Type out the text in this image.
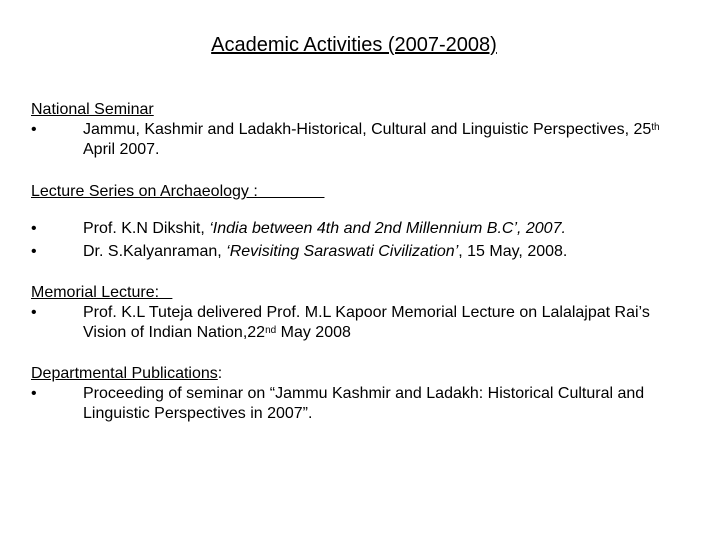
Academic Activities (2007-2008)
National Seminar
•	Jammu, Kashmir and Ladakh-Historical, Cultural and Linguistic Perspectives, 25th April 2007.
Lecture Series on Archaeology :
•	Prof. K.N Dikshit, ‘India between 4th and 2nd Millennium B.C’, 2007.
•	Dr. S.Kalyanraman, ‘Revisiting Saraswati Civilization’, 15 May, 2008.
Memorial Lecture:
•	Prof. K.L Tuteja delivered Prof. M.L Kapoor Memorial Lecture on Lalalajpat Rai’s Vision of Indian Nation,22nd May 2008
Departmental Publications:
•	Proceeding of seminar on “Jammu Kashmir and Ladakh: Historical Cultural and Linguistic Perspectives in 2007”.
